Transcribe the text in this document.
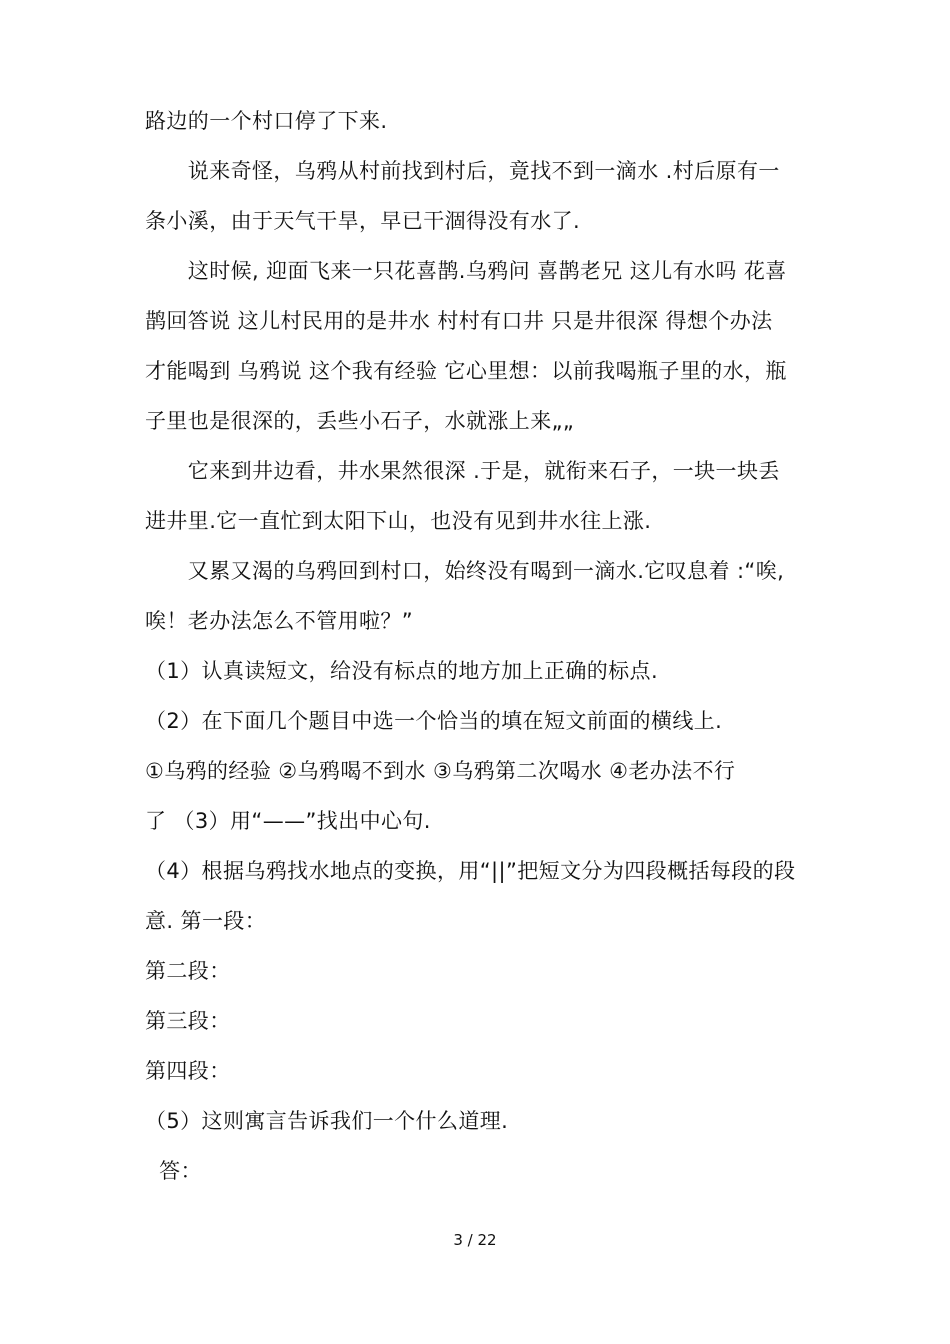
路边的一个村口停了下来.
　　说来奇怪，乌鸦从村前找到村后，竟找不到一滴水 .村后原有一
条小溪，由于天气干旱，早已干涸得没有水了.
　　这时候, 迎面飞来一只花喜鹊.乌鸦问 喜鹊老兄 这儿有水吗 花喜
鹊回答说 这儿村民用的是井水 村村有口井 只是井很深 得想个办法
才能喝到 乌鸦说 这个我有经验 它心里想：以前我喝瓶子里的水，瓶
子里也是很深的，丢些小石子，水就涨上来„„
　　它来到井边看，井水果然很深 .于是，就衔来石子，一块一块丢
进井里.它一直忙到太阳下山，也没有见到井水往上涨.
　　又累又渴的乌鸦回到村口，始终没有喝到一滴水.它叹息着 :“唉,
唉！老办法怎么不管用啦？”
（1）认真读短文，给没有标点的地方加上正确的标点.
（2）在下面几个题目中选一个恰当的填在短文前面的横线上.
①乌鸦的经验 ②乌鸦喝不到水 ③乌鸦第二次喝水 ④老办法不行
了 （3）用“——”找出中心句.
（4）根据乌鸦找水地点的变换，用“||”把短文分为四段概括每段的段
意. 第一段：
第二段：
第三段：
第四段：
（5）这则寓言告诉我们一个什么道理.
答：
3 / 22
